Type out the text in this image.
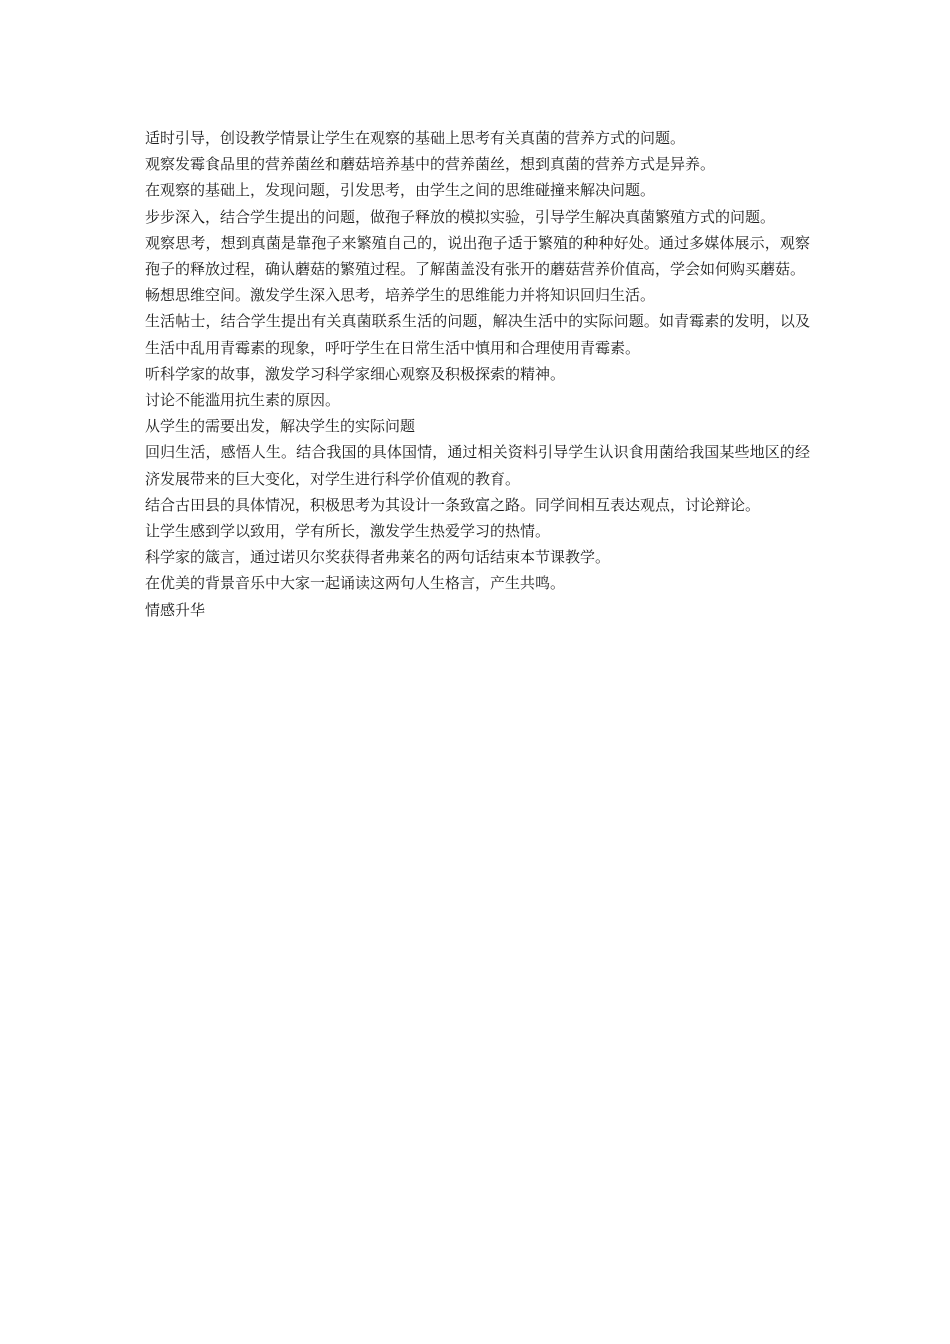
适时引导，创设教学情景让学生在观察的基础上思考有关真菌的营养方式的问题。

观察发霉食品里的营养菌丝和蘑菇培养基中的营养菌丝，想到真菌的营养方式是异养。

在观察的基础上，发现问题，引发思考，由学生之间的思维碰撞来解决问题。

步步深入，结合学生提出的问题，做孢子释放的模拟实验，引导学生解决真菌繁殖方式的问题。

观察思考，想到真菌是靠孢子来繁殖自己的，说出孢子适于繁殖的种种好处。通过多媒体展示，观察孢子的释放过程，确认蘑菇的繁殖过程。了解菌盖没有张开的蘑菇营养价值高，学会如何购买蘑菇。

畅想思维空间。激发学生深入思考，培养学生的思维能力并将知识回归生活。

生活帖士，结合学生提出有关真菌联系生活的问题，解决生活中的实际问题。如青霉素的发明，以及生活中乱用青霉素的现象，呼吁学生在日常生活中慎用和合理使用青霉素。

听科学家的故事，激发学习科学家细心观察及积极探索的精神。

讨论不能滥用抗生素的原因。

从学生的需要出发，解决学生的实际问题

回归生活，感悟人生。结合我国的具体国情，通过相关资料引导学生认识食用菌给我国某些地区的经济发展带来的巨大变化，对学生进行科学价值观的教育。

结合古田县的具体情况，积极思考为其设计一条致富之路。同学间相互表达观点，讨论辩论。

让学生感到学以致用，学有所长，激发学生热爱学习的热情。

科学家的箴言，通过诺贝尔奖获得者弗莱名的两句话结束本节课教学。

在优美的背景音乐中大家一起诵读这两句人生格言，产生共鸣。

情感升华
